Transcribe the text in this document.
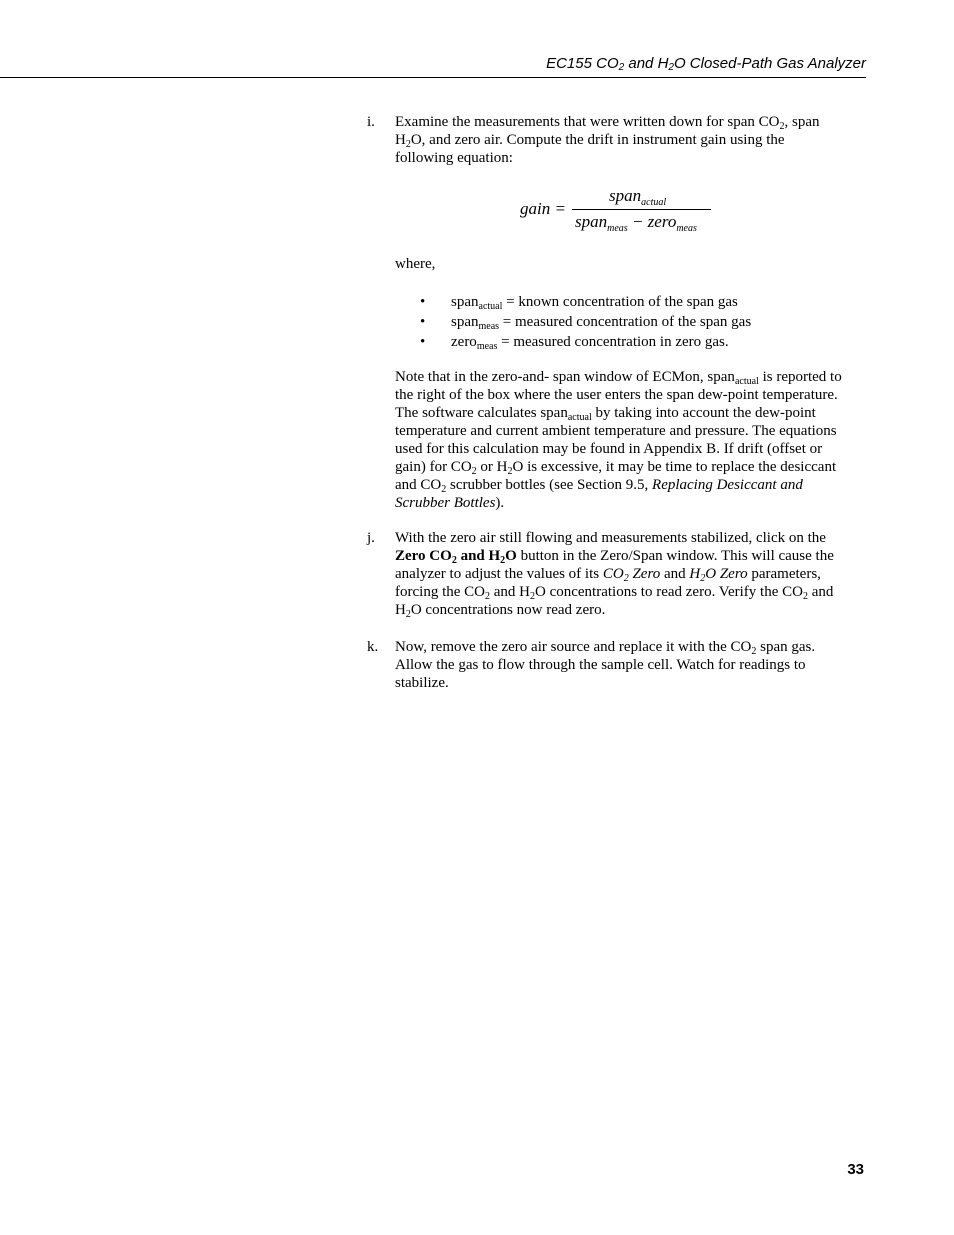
EC155 $CO_2$ and $H_2O$ Closed-Path Gas Analyzer
i. Examine the measurements that were written down for span $CO_2$, span
$H_2O$, and zero air. Compute the drift in instrument gain using the
following equation:
gain =
span$_{actual}$
span$_{meas}$ − zero$_{meas}$
where,
• span$_{actual}$ = known concentration of the span gas
• span$_{meas}$ = measured concentration of the span gas
• zero$_{meas}$ = measured concentration in zero gas.
Note that in the zero-and- span window of ECMon, span$_{actual}$ is reported to
the right of the box where the user enters the span dew-point temperature.
The software calculates span$_{actual}$ by taking into account the dew-point
temperature and current ambient temperature and pressure. The equations
used for this calculation may be found in Appendix B. If drift (offset or
gain) for $CO_2$ or $H_2O$ is excessive, it may be time to replace the desiccant
and $CO_2$ scrubber bottles (see Section 9.5, Replacing Desiccant and
Scrubber Bottles).
j. With the zero air still flowing and measurements stabilized, click on the
Zero $CO_2$ and $H_2O$ button in the Zero/Span window. This will cause the
analyzer to adjust the values of its $CO_2$ Zero and $H_2O$ Zero parameters,
forcing the $CO_2$ and $H_2O$ concentrations to read zero. Verify the $CO_2$ and
$H_2O$ concentrations now read zero.
k. Now, remove the zero air source and replace it with the $CO_2$ span gas.
Allow the gas to flow through the sample cell. Watch for readings to
stabilize.
33
